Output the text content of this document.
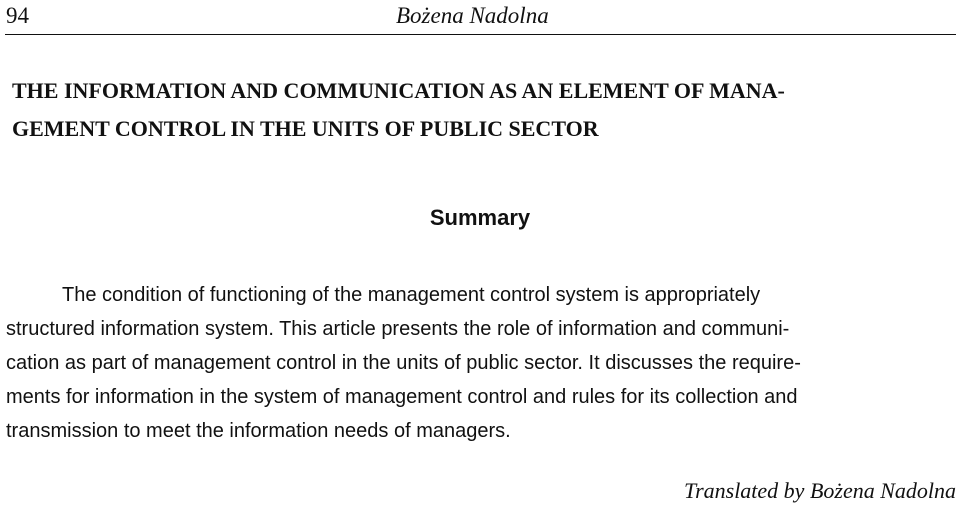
94	Bożena Nadolna
THE INFORMATION AND COMMUNICATION AS AN ELEMENT OF MANA-
GEMENT CONTROL IN THE UNITS OF PUBLIC SECTOR
Summary

The condition of functioning of the management control system is appropriately
structured information system. This article presents the role of information and communi-
cation as part of management control in the units of public sector. It discusses the require-
ments for information in the system of management control and rules for its collection and
transmission to meet the information needs of managers.

Translated by Bożena Nadolna
